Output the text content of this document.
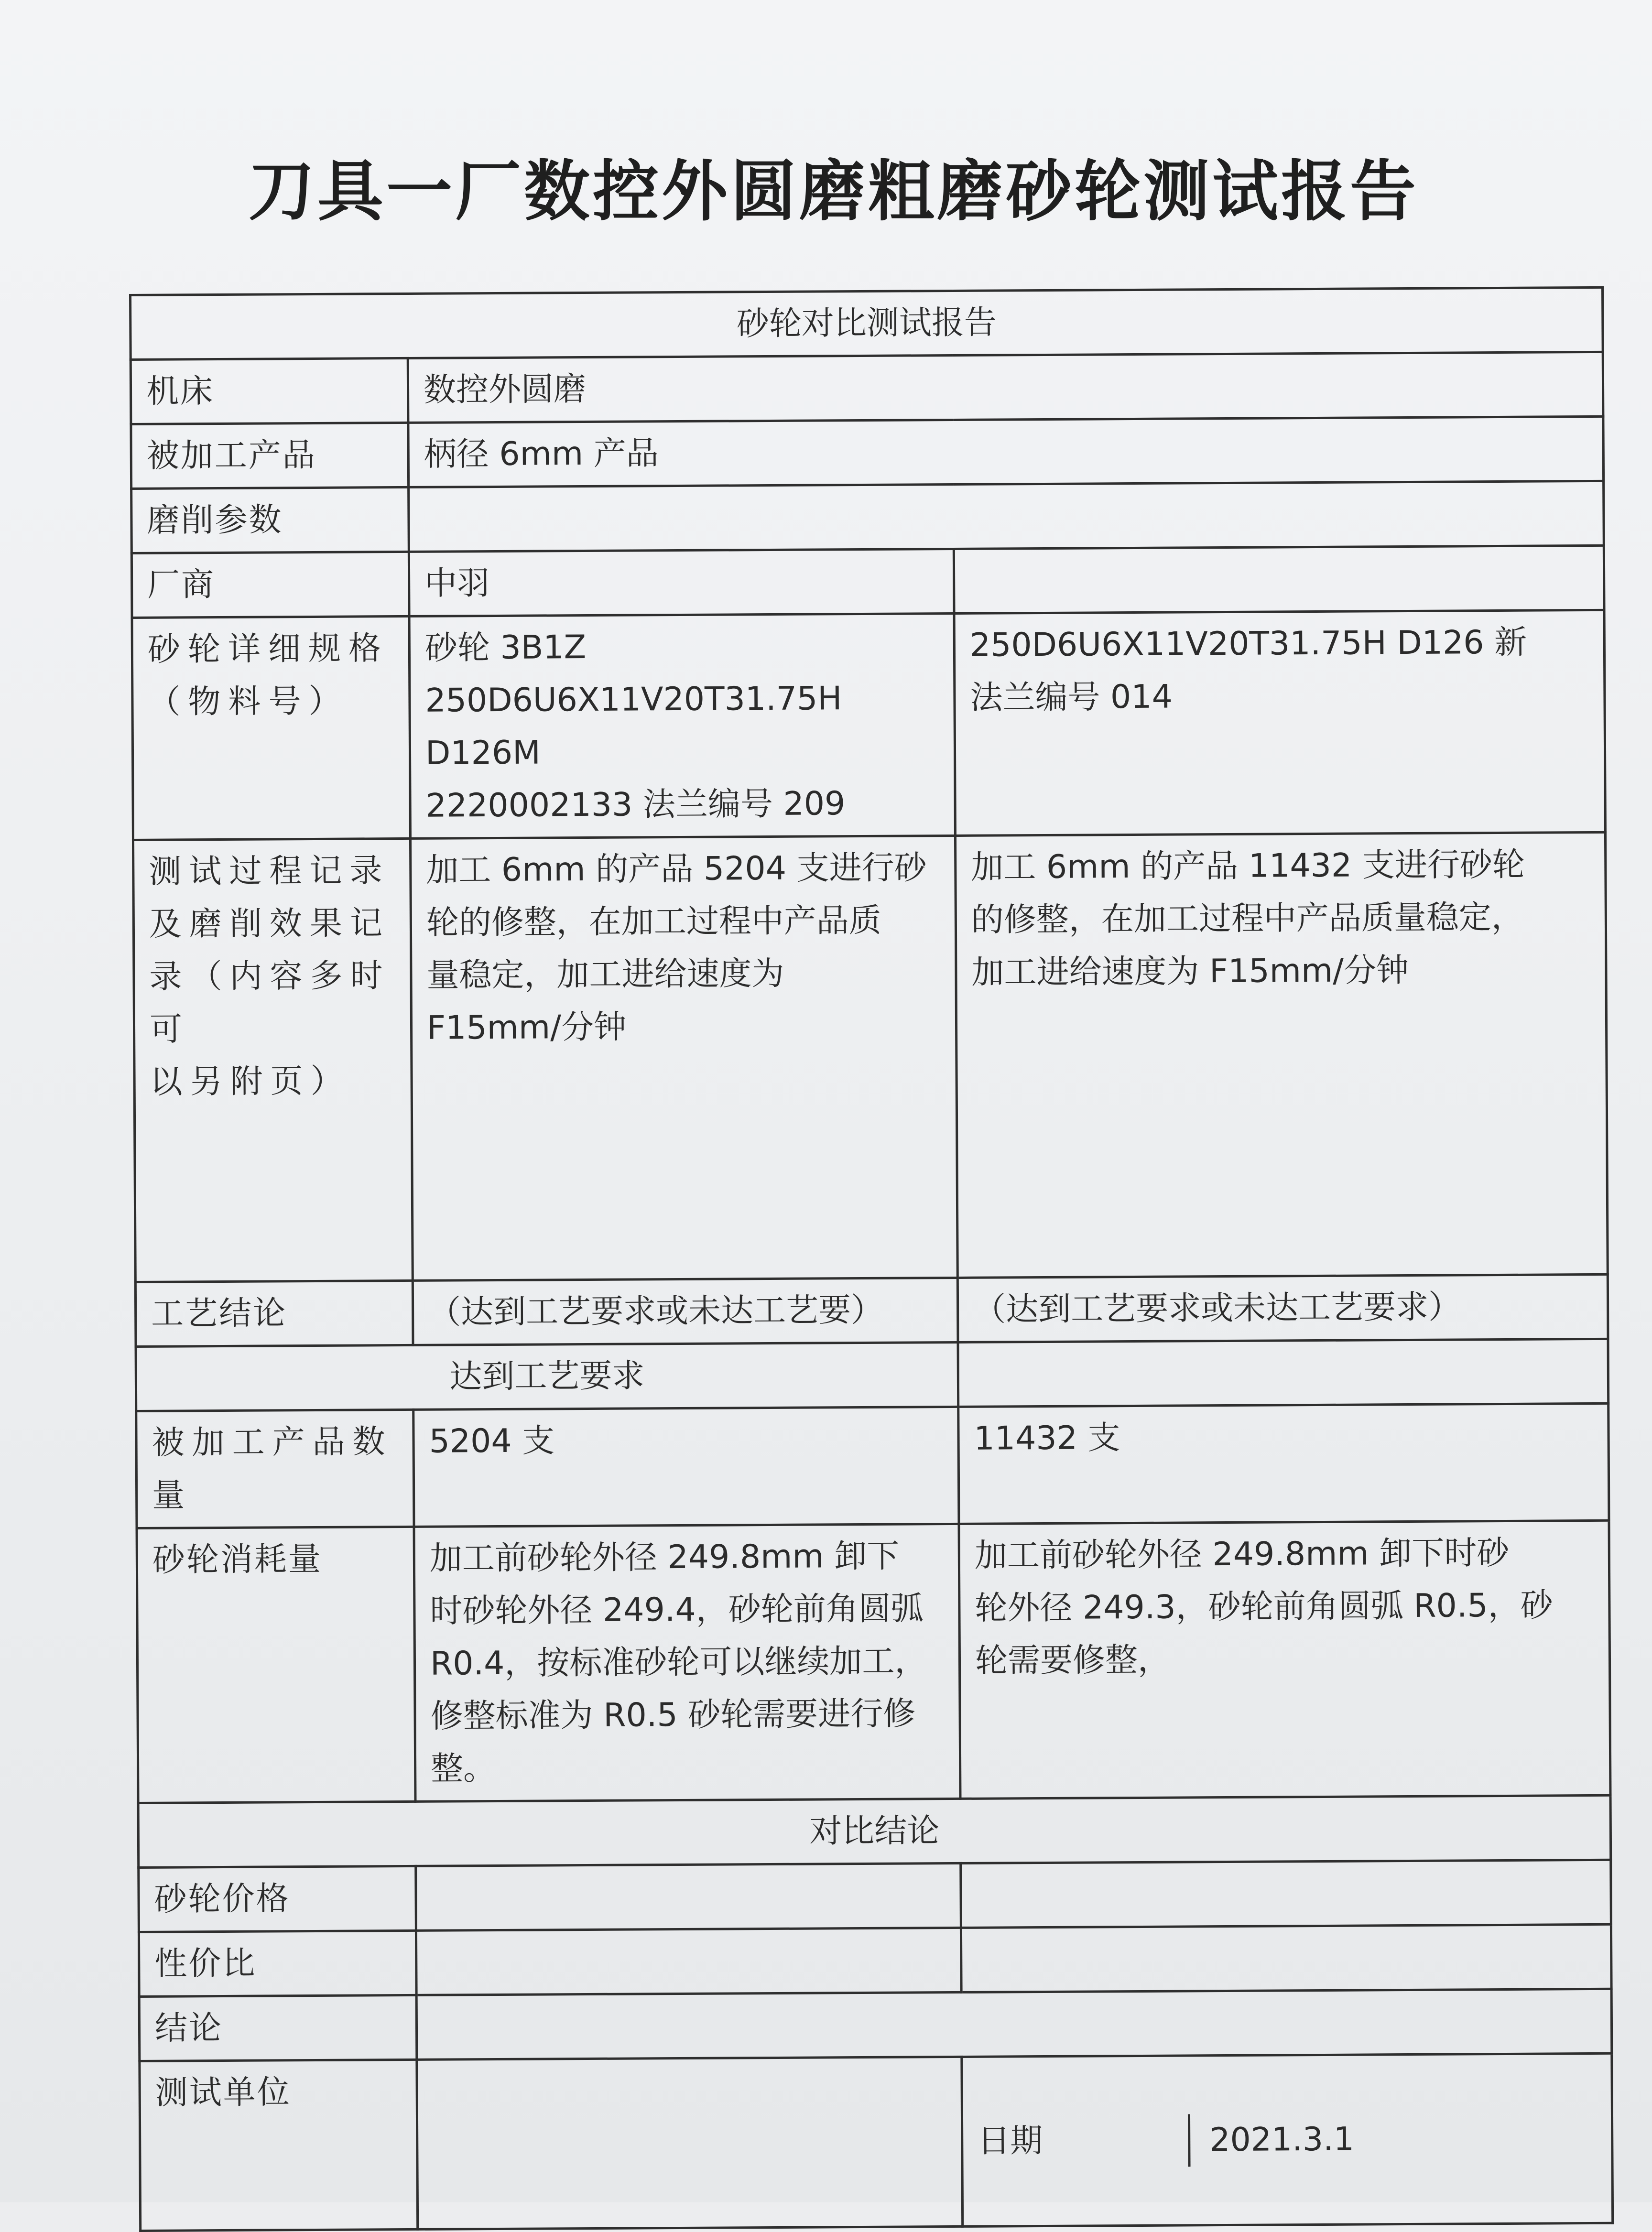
刀具一厂数控外圆磨粗磨砂轮测试报告
砂轮对比测试报告		
机床	数控外圆磨	
被加工产品	柄径 6mm 产品	
磨削参数		
厂商	中羽	
砂轮详细规格
（物料号）	砂轮 3B1Z
250D6U6X11V20T31.75H
D126M
2220002133 法兰编号 209	250D6U6X11V20T31.75H D126 新
法兰编号 014
测试过程记录
及磨削效果记
录（内容多时可
以另附页）	加工 6mm 的产品 5204 支进行砂
轮的修整，在加工过程中产品质
量稳定，加工进给速度为
F15mm/分钟	加工 6mm 的产品 11432 支进行砂轮
的修整，在加工过程中产品质量稳定，
加工进给速度为 F15mm/分钟
工艺结论	（达到工艺要求或未达工艺要）	（达到工艺要求或未达工艺要求）
达到工艺要求		
被加工产品数
量	5204 支	11432 支
砂轮消耗量	加工前砂轮外径 249.8mm 卸下
时砂轮外径 249.4，砂轮前角圆弧
R0.4，按标准砂轮可以继续加工，
修整标准为 R0.5 砂轮需要进行修
整。	加工前砂轮外径 249.8mm 卸下时砂
轮外径 249.3，砂轮前角圆弧 R0.5，砂
轮需要修整，
对比结论		
砂轮价格		
性价比		
结论		
测试单位		日期 2021.3.1
